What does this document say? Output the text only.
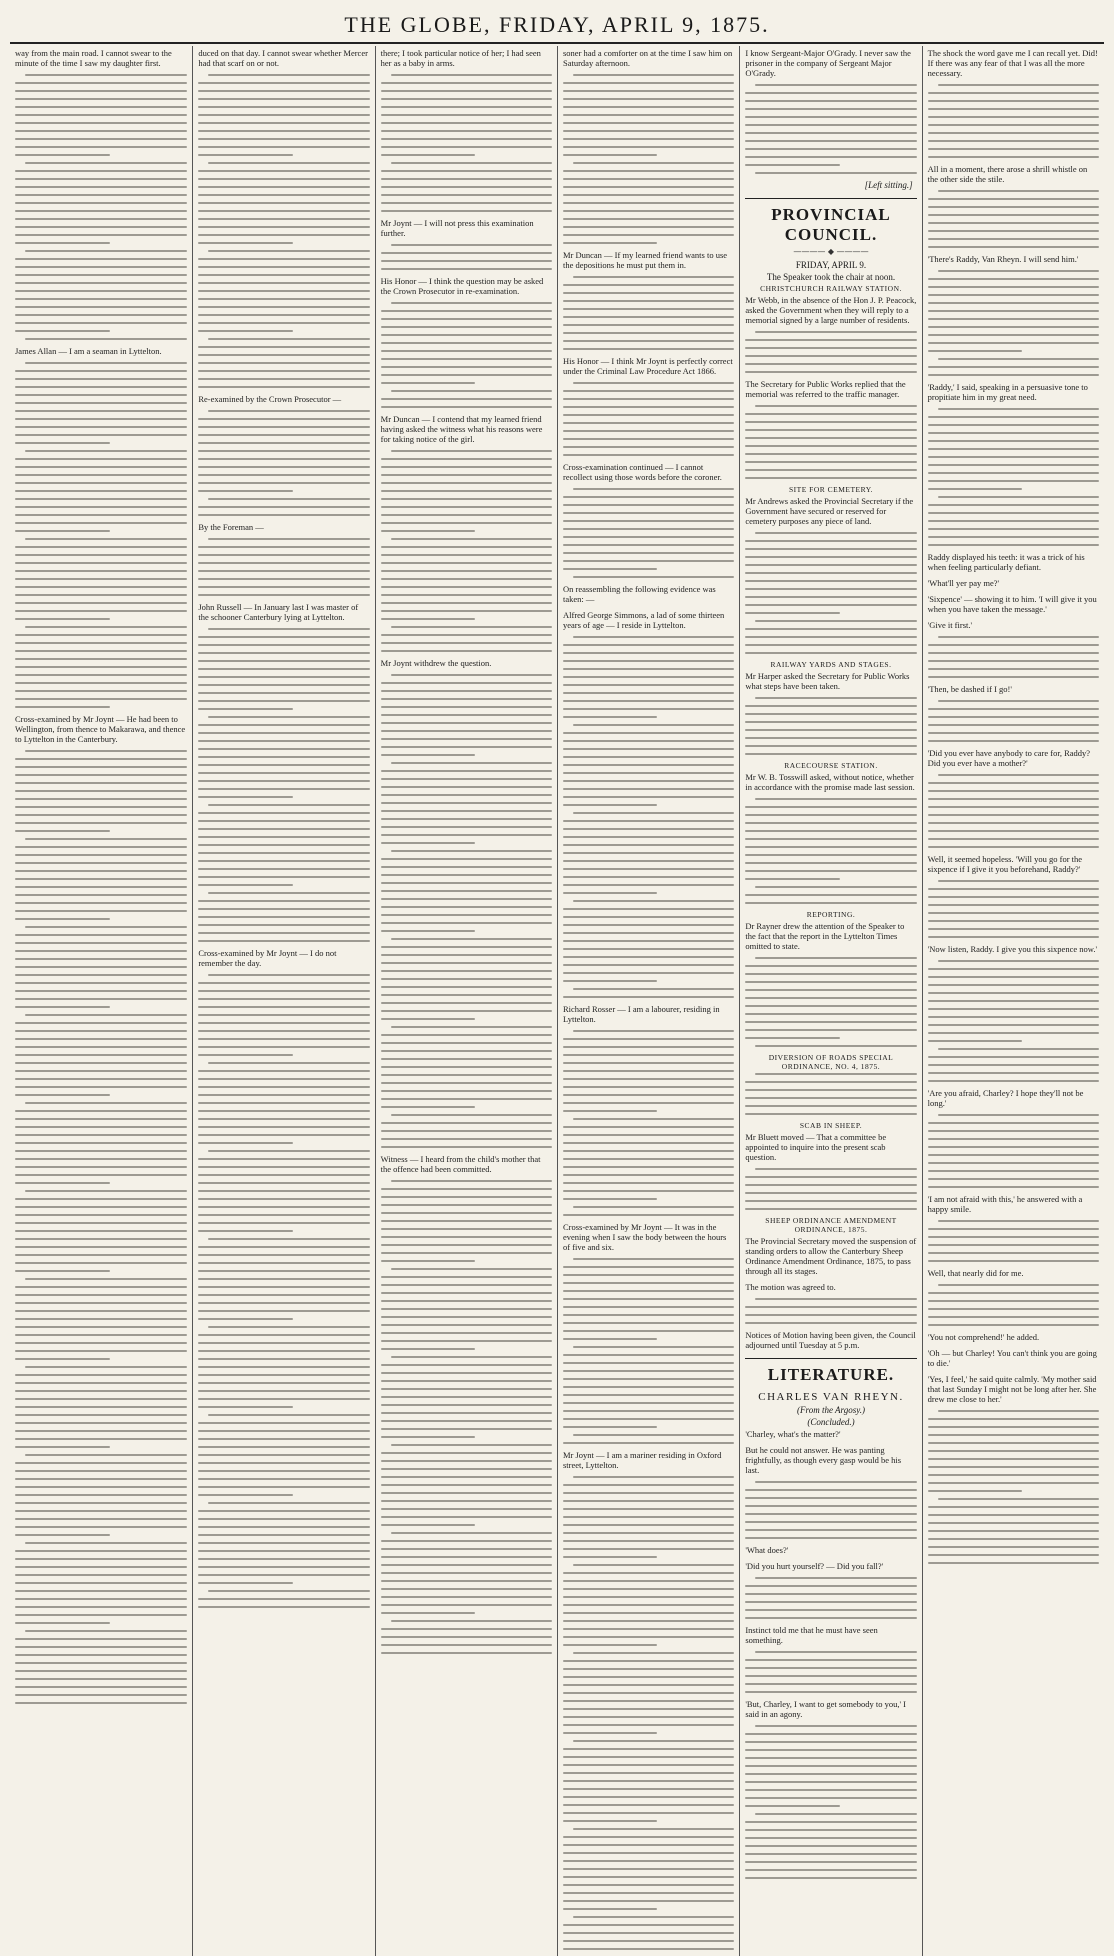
THE GLOBE, FRIDAY, APRIL 9, 1875.
way from the main road. I cannot swear to the minute of the time I saw my daughter first.
James Allan — I am a seaman in Lyttelton.
Cross-examined by Mr Joynt — He had been to Wellington, from thence to Makarawa, and thence to Lyttelton in the Canterbury.
duced on that day. I cannot swear whether Mercer had that scarf on or not.
Re-examined by the Crown Prosecutor —
By the Foreman —
John Russell — In January last I was master of the schooner Canterbury lying at Lyttelton.
Cross-examined by Mr Joynt — I do not remember the day.
there; I took particular notice of her; I had seen her as a baby in arms.
Mr Joynt — I will not press this examination further.
His Honor — I think the question may be asked the Crown Prosecutor in re-examination.
Mr Duncan — I contend that my learned friend having asked the witness what his reasons were for taking notice of the girl.
Mr Joynt withdrew the question.
Witness — I heard from the child's mother that the offence had been committed.
soner had a comforter on at the time I saw him on Saturday afternoon.
Mr Duncan — If my learned friend wants to use the depositions he must put them in.
His Honor — I think Mr Joynt is perfectly correct under the Criminal Law Procedure Act 1866.
Cross-examination continued — I cannot recollect using those words before the coroner.
On reassembling the following evidence was taken: —
Alfred George Simmons, a lad of some thirteen years of age — I reside in Lyttelton.
Richard Rosser — I am a labourer, residing in Lyttelton.
Cross-examined by Mr Joynt — It was in the evening when I saw the body between the hours of five and six.
Mr Joynt — I am a mariner residing in Oxford street, Lyttelton.
I know Sergeant-Major O'Grady. I never saw the prisoner in the company of Sergeant Major O'Grady.
[Left sitting.]
PROVINCIAL COUNCIL.
———— ◆ ————
FRIDAY, APRIL 9.
The Speaker took the chair at noon.
CHRISTCHURCH RAILWAY STATION.
Mr Webb, in the absence of the Hon J. P. Peacock, asked the Government when they will reply to a memorial signed by a large number of residents.
The Secretary for Public Works replied that the memorial was referred to the traffic manager.
SITE FOR CEMETERY.
Mr Andrews asked the Provincial Secretary if the Government have secured or reserved for cemetery purposes any piece of land.
RAILWAY YARDS AND STAGES.
Mr Harper asked the Secretary for Public Works what steps have been taken.
RACECOURSE STATION.
Mr W. B. Tosswill asked, without notice, whether in accordance with the promise made last session.
REPORTING.
Dr Rayner drew the attention of the Speaker to the fact that the report in the Lyttelton Times omitted to state.
DIVERSION OF ROADS SPECIAL ORDINANCE, NO. 4, 1875.
SCAB IN SHEEP.
Mr Bluett moved — That a committee be appointed to inquire into the present scab question.
SHEEP ORDINANCE AMENDMENT ORDINANCE, 1875.
The Provincial Secretary moved the suspension of standing orders to allow the Canterbury Sheep Ordinance Amendment Ordinance, 1875, to pass through all its stages.
The motion was agreed to.
Notices of Motion having been given, the Council adjourned until Tuesday at 5 p.m.
LITERATURE.
CHARLES VAN RHEYN.
(From the Argosy.)
(Concluded.)
'Charley, what's the matter?'
But he could not answer. He was panting frightfully, as though every gasp would be his last.
'What does?'
'Did you hurt yourself? — Did you fall?'
Instinct told me that he must have seen something.
'But, Charley, I want to get somebody to you,' I said in an agony.
The shock the word gave me I can recall yet. Did! If there was any fear of that I was all the more necessary.
All in a moment, there arose a shrill whistle on the other side the stile.
'There's Raddy, Van Rheyn. I will send him.'
'Raddy,' I said, speaking in a persuasive tone to propitiate him in my great need.
Raddy displayed his teeth: it was a trick of his when feeling particularly defiant.
'What'll yer pay me?'
'Sixpence' — showing it to him. 'I will give it you when you have taken the message.'
'Give it first.'
'Then, be dashed if I go!'
'Did you ever have anybody to care for, Raddy? Did you ever have a mother?'
Well, it seemed hopeless. 'Will you go for the sixpence if I give it you beforehand, Raddy?'
'Now listen, Raddy. I give you this sixpence now.'
'Are you afraid, Charley? I hope they'll not be long.'
'I am not afraid with this,' he answered with a happy smile.
Well, that nearly did for me.
'You not comprehend!' he added.
'Oh — but Charley! You can't think you are going to die.'
'Yes, I feel,' he said quite calmly. 'My mother said that last Sunday I might not be long after her. She drew me close to her.'
